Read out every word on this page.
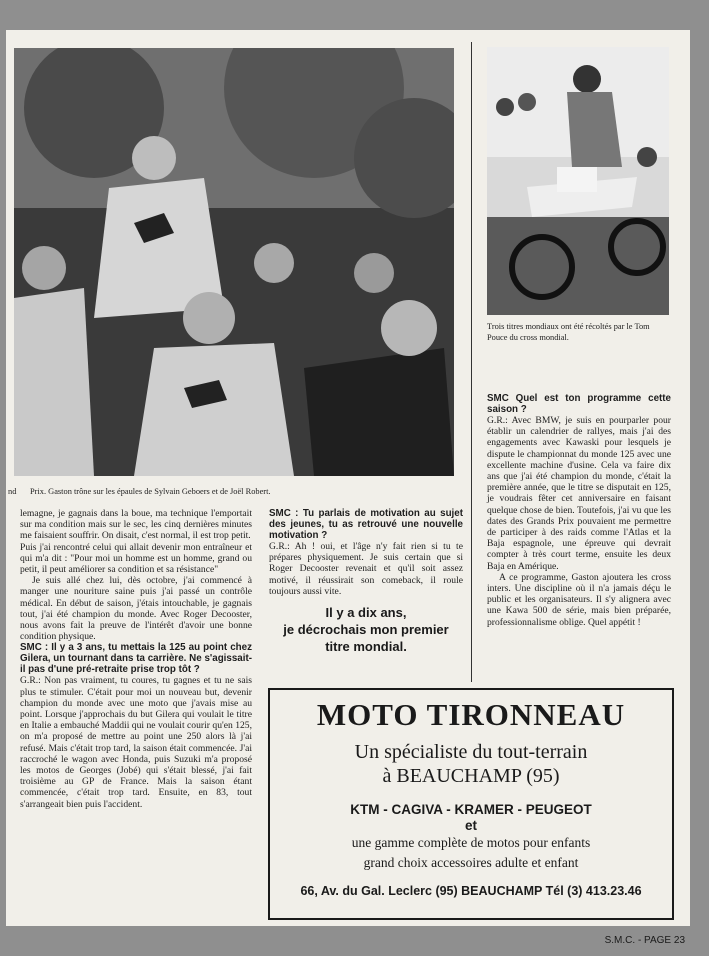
nd Prix. Gaston trône sur les épaules de Sylvain Geboers et de Joël Robert.
Trois titres mondiaux ont été récoltés par le Tom Pouce du cross mondial.

lemagne, je gagnais dans la boue, ma technique l'emportait sur ma condition mais sur le sec, les cinq dernières minutes me faisaient souffrir. On disait, c'est normal, il est trop petit.

Puis j'ai rencontré celui qui allait devenir mon entraîneur et qui m'a dit : "Pour moi un homme est un homme, grand ou petit, il peut améliorer sa condition et sa résistance"

Je suis allé chez lui, dès octobre, j'ai commencé à manger une nouriture saine puis j'ai passé un contrôle médical. En début de saison, j'étais intouchable, je gagnais tout, j'ai été champion du monde. Avec Roger Decooster, nous avons fait la preuve de l'intérêt d'avoir une bonne condition physique.

SMC : Il y a 3 ans, tu mettais la 125 au point chez Gilera, un tournant dans ta carrière. Ne s'agissait-il pas d'une pré-retraite prise trop tôt ?

G.R.: Non pas vraiment, tu coures, tu gagnes et tu ne sais plus te stimuler. C'était pour moi un nouveau but, devenir champion du monde avec une moto que j'avais mise au point. Lorsque j'approchais du but Gilera qui voulait le titre en Italie a embauché Maddii qui ne voulait courir qu'en 125, on m'a proposé de mettre au point une 250 alors là j'ai refusé. Mais c'était trop tard, la saison était commencée. J'ai raccroché le wagon avec Honda, puis Suzuki m'a proposé les motos de Georges (Jobé) qui s'était blessé, j'ai fait troisième au GP de France. Mais la saison étant commencée, c'était trop tard. Ensuite, en 83, tout s'arrangeait bien puis l'accident.

SMC : Tu parlais de motivation au sujet des jeunes, tu as retrouvé une nouvelle motivation ?

G.R.: Ah ! oui, et l'âge n'y fait rien si tu te prépares physiquement. Je suis certain que si Roger Decooster revenait et qu'il soit assez motivé, il réussirait son comeback, il roule toujours aussi vite.

Il y a dix ans,
je décrochais mon premier
titre mondial.

SMC Quel est ton programme cette saison ?

G.R.: Avec BMW, je suis en pourparler pour établir un calendrier de rallyes, mais j'ai des engagements avec Kawaski pour lesquels je dispute le championnat du monde 125 avec une excellente machine d'usine. Cela va faire dix ans que j'ai été champion du monde, c'était la première année, que le titre se disputait en 125, je voudrais fêter cet anniversaire en faisant quelque chose de bien. Toutefois, j'ai vu que les dates des Grands Prix pouvaient me permettre de participer à des raids comme l'Atlas et la Baja espagnole, une épreuve qui devrait compter à très court terme, ensuite les deux Baja en Amérique.

A ce programme, Gaston ajoutera les cross inters. Une discipline où il n'a jamais déçu le public et les organisateurs. Il s'y alignera avec une Kawa 500 de série, mais bien préparée, professionnalisme oblige. Quel appétit !

MOTO TIRONNEAU
Un spécialiste du tout-terrain
à BEAUCHAMP (95)
KTM - CAGIVA - KRAMER - PEUGEOT
et
une gamme complète de motos pour enfants
grand choix accessoires adulte et enfant
66, Av. du Gal. Leclerc (95) BEAUCHAMP Tél (3) 413.23.46
S.M.C. - PAGE 23
